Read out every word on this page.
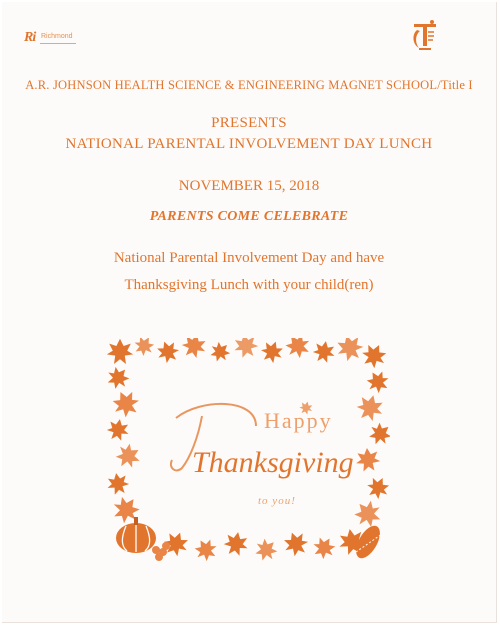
Ri Richmond
A.R. JOHNSON HEALTH SCIENCE & ENGINEERING MAGNET SCHOOL/Title I
PRESENTS
NATIONAL PARENTAL INVOLVEMENT DAY LUNCH
NOVEMBER 15, 2018
PARENTS COME CELEBRATE
National Parental Involvement Day and have
Thanksgiving Lunch with your child(ren)
Happy
Thanksgiving
to you!
